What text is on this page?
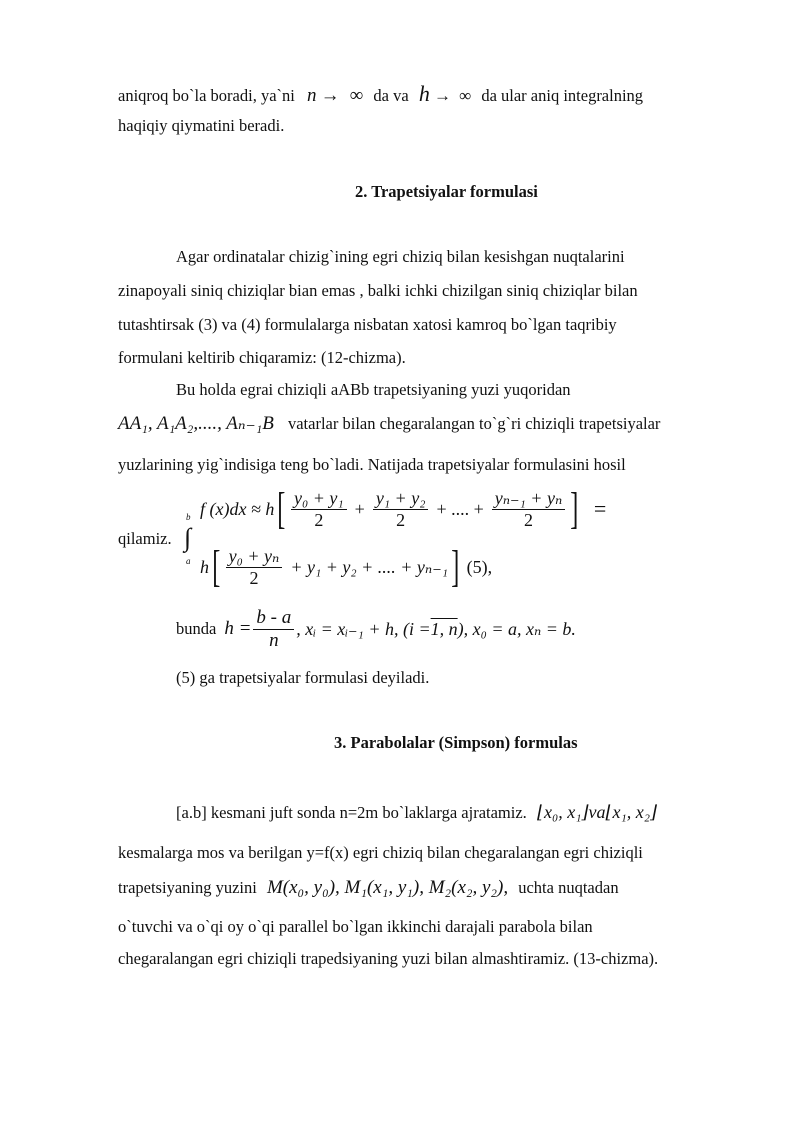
aniqroq bo`la boradi, ya`ni n → ∞ da va h → ∞ da ular aniq integralning
haqiqiy qiymatini beradi.
2. Trapetsiyalar formulasi
Agar ordinatalar chizig`ining egri chiziq bilan kesishgan nuqtalarini
zinapoyali siniq chiziqlar bian emas , balki ichki chizilgan siniq chiziqlar bilan
tutashtirsak (3) va (4) formulalarga nisbatan xatosi kamroq bo`lgan taqribiy
formulani keltirib chiqaramiz: (12-chizma).
Bu holda egrai chiziqli aABb trapetsiyaning yuzi yuqoridan
AA₁, A₁A₂,...., Aₙ₋₁B vatarlar bilan chegaralangan to`g`ri chiziqli trapetsiyalar
yuzlarining yig`indisiga teng bo`ladi. Natijada trapetsiyalar formulasini hosil
qilamiz.
b
∫
a
f (x)dx ≈ h [ $\frac{\text{y₀ + y₁}}{2} + \frac{\text{y₁ + y₂}}{2}$ + .... + $\frac{\text{yₙ₋₁ + yₙ}}{2}$ ] =
h [ $\frac{\text{y₀ + yₙ}}{2} + y_1 + y_2$ + .... + yₙ₋₁ ] (5),
bunda $h = \frac{b - a}{n}$ , xᵢ = xᵢ₋₁ + h, (i = 1, n ), x₀ = a, xₙ = b.
(5) ga trapetsiyalar formulasi deyiladi.
3. Parabolalar (Simpson) formulas
[a.b] kesmani juft sonda n=2m bo`laklarga ajratamiz. ⌊x₀, x₁⌋va⌊x₁, x₂⌋
kesmalarga mos va berilgan y=f(x) egri chiziq bilan chegaralangan egri chiziqli
trapetsiyaning yuzini M(x₀, y₀), M₁(x₁, y₁), M₂(x₂, y₂), uchta nuqtadan
o`tuvchi va o`qi oy o`qi parallel bo`lgan ikkinchi darajali parabola bilan
chegaralangan egri chiziqli trapedsiyaning yuzi bilan almashtiramiz. (13-chizma).
